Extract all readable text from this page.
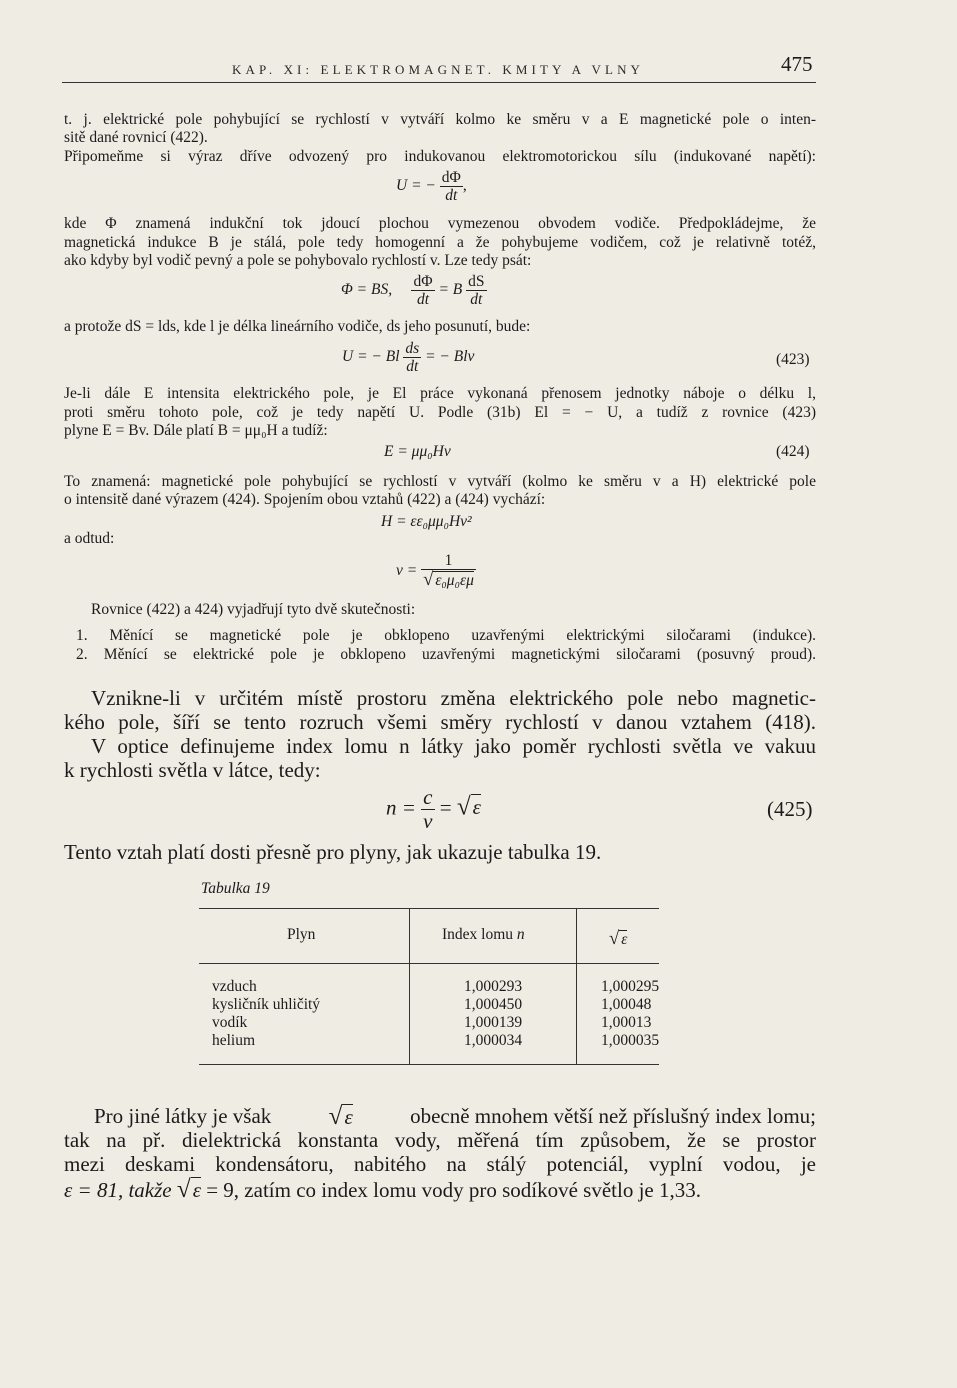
KAP. XI: ELEKTROMAGNET. KMITY A VLNY	475
t. j. elektrické pole pohybující se rychlostí v vytváří kolmo ke směru v a E magnetické pole o inten-
sitě dané rovnicí (422).
Připomeňme si výraz dříve odvozený pro indukovanou elektromotorickou sílu (indukované napětí):
U = − $\frac{d\Phi}{dt}$ ,
kde Φ znamená indukční tok jdoucí plochou vymezenou obvodem vodiče. Předpokládejme, že
magnetická indukce B je stálá, pole tedy homogenní a že pohybujeme vodičem, což je relativně totéž,
ako kdyby byl vodič pevný a pole se pohybovalo rychlostí v. Lze tedy psát:
Φ = BS, $\frac{d\Phi}{dt} = B \frac{dS}{dt}$
a protože dS = lds, kde l je délka lineárního vodiče, ds jeho posunutí, bude:
U = − Bl $\frac{ds}{dt}$ = − Blv	(423)
Je-li dále E intensita elektrického pole, je El práce vykonaná přenosem jednotky náboje o délku l,
proti směru tohoto pole, což je tedy napětí U. Podle (31b) El = − U, a tudíž z rovnice (423)
plyne E = Bv. Dále platí B = μμ₀H a tudíž:
E = μμ₀Hv	(424)
To znamená: magnetické pole pohybující se rychlostí v vytváří (kolmo ke směru v a H) elektrické pole
o intensitě dané výrazem (424). Spojením obou vztahů (422) a (424) vychází:
H = εε₀μμ₀Hv²
a odtud:
$v = \frac{1}{\text{√ ε₀μ₀εμ}}$
Rovnice (422) a 424) vyjadřují tyto dvě skutečnosti:
1. Měnící se magnetické pole je obklopeno uzavřenými elektrickými siločarami (indukce).
2. Měnící se elektrické pole je obklopeno uzavřenými magnetickými siločarami (posuvný proud).
Vznikne-li v určitém místě prostoru změna elektrického pole nebo magnetic-
kého pole, šíří se tento rozruch všemi směry rychlostí v danou vztahem (418).
V optice definujeme index lomu n látky jako poměr rychlosti světla ve vakuu
k rychlosti světla v látce, tedy:
$n = \frac{c}{v} = √\varepsilon$	(425)
Tento vztah platí dosti přesně pro plyny, jak ukazuje tabulka 19.
Tabulka 19
Plyn	Index lomu n	√ ε
vzduch	1,000293	1,000295
kysličník uhličitý	1,000450	1,00048
vodík	1,000139	1,00013
helium	1,000034	1,000035
Pro jiné látky je však √ε	obecně mnohem větší než příslušný index lomu;
tak na př. dielektrická konstanta vody, měřená tím způsobem, že se prostor
mezi deskami kondensátoru, nabitého na stálý potenciál, vyplní vodou, je
ε = 81, takže √ε = 9, zatím co index lomu vody pro sodíkové světlo je 1,33.
